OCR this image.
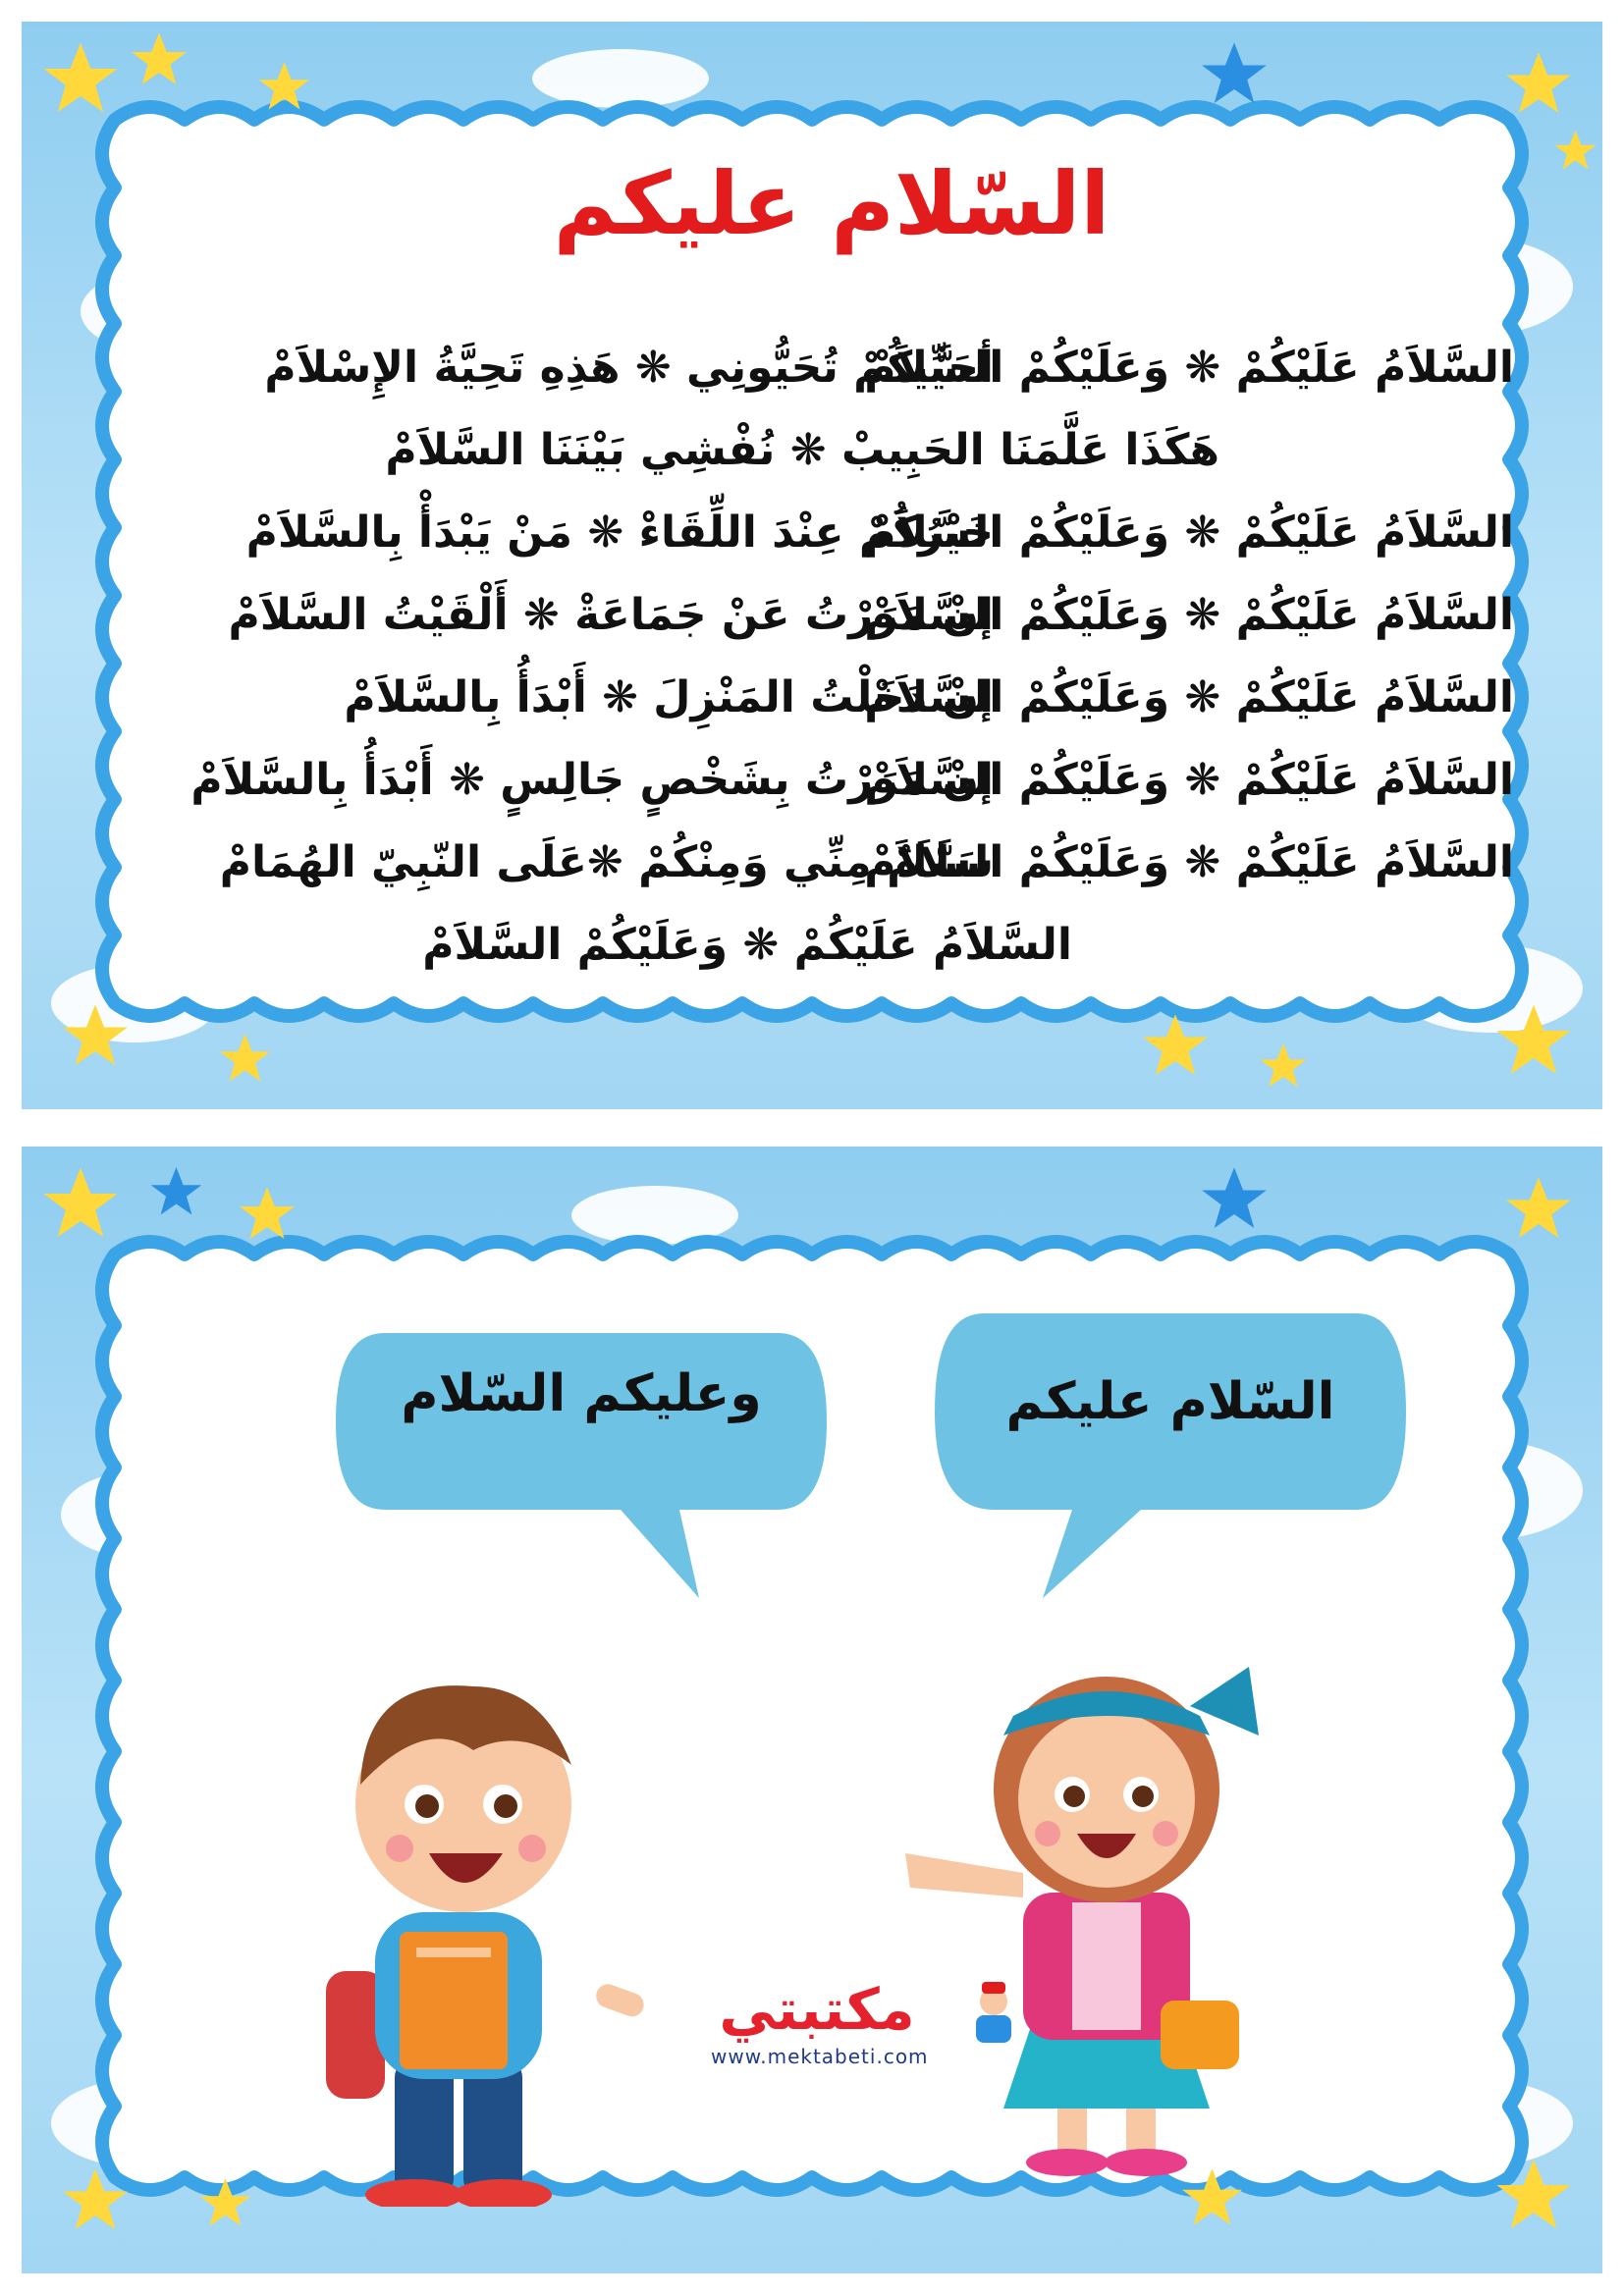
السّلام عليكم
السَّلاَمُ عَلَيْكُمْ ❋ وَعَلَيْكُمْ السَّلاَمْ
أحَيِّيكُمْ تُحَيُّونِي ❋ هَذِهِ تَحِيَّةُ الإِسْلاَمْ
هَكَذَا عَلَّمَنَا الحَبِيبْ ❋ نُفْشِي بَيْنَنَا السَّلاَمْ
السَّلاَمُ عَلَيْكُمْ ❋ وَعَلَيْكُمْ السَّلاَمْ
خَيْرُكُمْ عِنْدَ اللِّقَاءْ ❋ مَنْ يَبْدَأْ بِالسَّلاَمْ
السَّلاَمُ عَلَيْكُمْ ❋ وَعَلَيْكُمْ السَّلاَمْ
إنْ مَرَرْتُ عَنْ جَمَاعَةْ ❋ أَلْقَيْتُ السَّلاَمْ
السَّلاَمُ عَلَيْكُمْ ❋ وَعَلَيْكُمْ السَّلاَمْ
إنْ دَخَلْتُ المَنْزِلَ ❋ أَبْدَأُ بِالسَّلاَمْ
السَّلاَمُ عَلَيْكُمْ ❋ وَعَلَيْكُمْ السَّلاَمْ
إنْ مَرَرْتُ بِشَخْصٍ جَالِسٍ ❋ أَبْدَأُ بِالسَّلاَمْ
السَّلاَمُ عَلَيْكُمْ ❋ وَعَلَيْكُمْ السَّلاَمْ
سَلاَمٌ مِنِّي وَمِنْكُمْ ❋عَلَى النّبِيّ الهُمَامْ
السَّلاَمُ عَلَيْكُمْ ❋ وَعَلَيْكُمْ السَّلاَمْ
وعليكم السّلام	السّلام عليكم
مكتبتي
www.mektabeti.com
